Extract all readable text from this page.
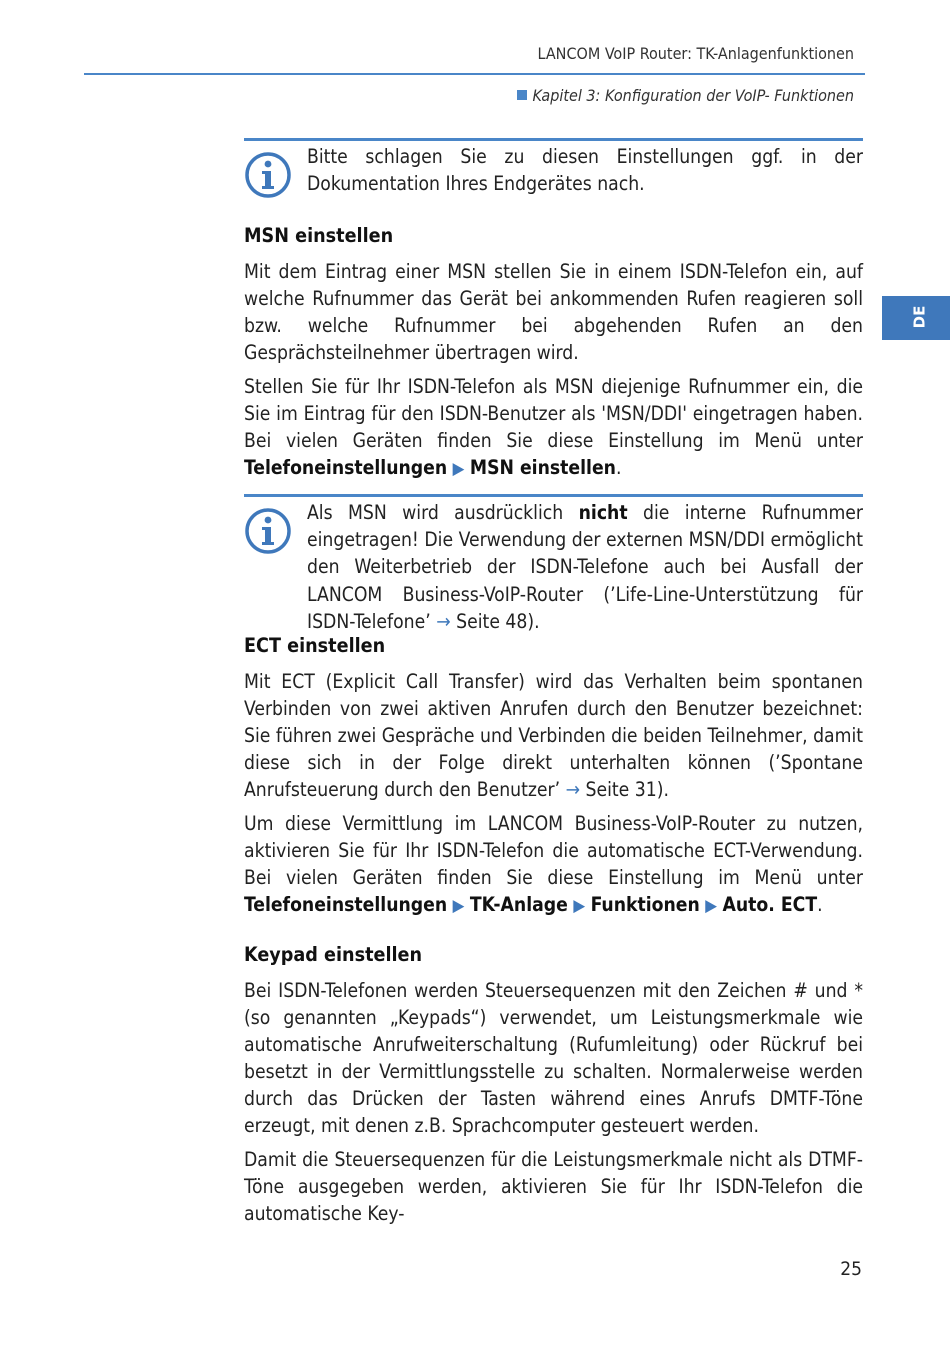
LANCOM VoIP Router: TK-Anlagenfunktionen
Kapitel 3: Konfiguration der VoIP- Funktionen
DE
Bitte schlagen Sie zu diesen Einstellungen ggf. in der Dokumentation Ihres Endgerätes nach.
MSN einstellen
Mit dem Eintrag einer MSN stellen Sie in einem ISDN-Telefon ein, auf welche Rufnummer das Gerät bei ankommenden Rufen reagieren soll bzw. welche Rufnummer bei abgehenden Rufen an den Gesprächsteilnehmer übertragen wird.
Stellen Sie für Ihr ISDN-Telefon als MSN diejenige Rufnummer ein, die Sie im Eintrag für den ISDN-Benutzer als 'MSN/DDI' eingetragen haben. Bei vielen Geräten finden Sie diese Einstellung im Menü unter Telefoneinstellungen ▶ MSN einstellen.
Als MSN wird ausdrücklich nicht die interne Rufnummer eingetragen! Die Verwendung der externen MSN/DDI ermöglicht den Weiterbetrieb der ISDN-Telefone auch bei Ausfall der LANCOM Business-VoIP-Router (’Life-Line-Unterstützung für ISDN-Telefone’ → Seite 48).
ECT einstellen
Mit ECT (Explicit Call Transfer) wird das Verhalten beim spontanen Verbinden von zwei aktiven Anrufen durch den Benutzer bezeichnet: Sie führen zwei Gespräche und Verbinden die beiden Teilnehmer, damit diese sich in der Folge direkt unterhalten können (’Spontane Anrufsteuerung durch den Benutzer’ → Seite 31).
Um diese Vermittlung im LANCOM Business-VoIP-Router zu nutzen, aktivieren Sie für Ihr ISDN-Telefon die automatische ECT-Verwendung. Bei vielen Geräten finden Sie diese Einstellung im Menü unter Telefoneinstellungen ▶ TK-Anlage ▶ Funktionen ▶ Auto. ECT.
Keypad einstellen
Bei ISDN-Telefonen werden Steuersequenzen mit den Zeichen # und * (so genannten „Keypads“) verwendet, um Leistungsmerkmale wie automatische Anrufweiterschaltung (Rufumleitung) oder Rückruf bei besetzt in der Vermittlungsstelle zu schalten. Normalerweise werden durch das Drücken der Tasten während eines Anrufs DMTF-Töne erzeugt, mit denen z.B. Sprachcomputer gesteuert werden.
Damit die Steuersequenzen für die Leistungsmerkmale nicht als DTMF-Töne ausgegeben werden, aktivieren Sie für Ihr ISDN-Telefon die automatische Key-
25
